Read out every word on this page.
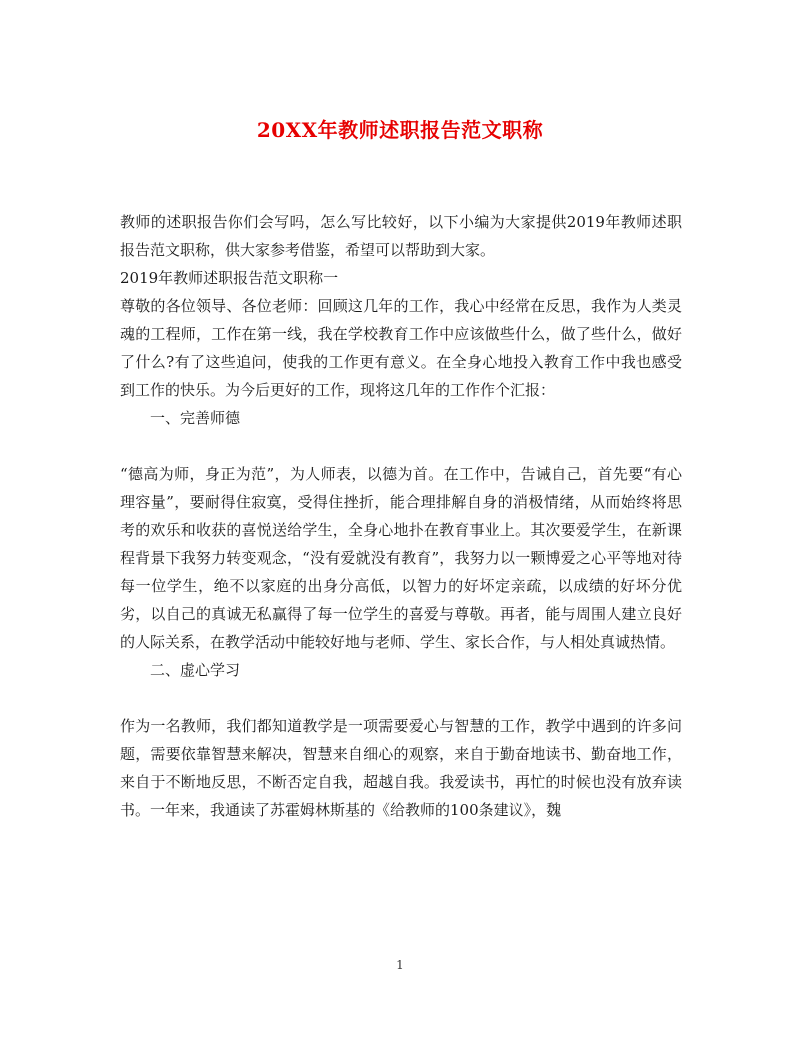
20XX年教师述职报告范文职称

教师的述职报告你们会写吗，怎么写比较好，以下小编为大家提供2019年教师述职报告范文职称，供大家参考借鉴，希望可以帮助到大家。

2019年教师述职报告范文职称一

尊敬的各位领导、各位老师：回顾这几年的工作，我心中经常在反思，我作为人类灵魂的工程师，工作在第一线，我在学校教育工作中应该做些什么，做了些什么，做好了什么?有了这些追问，使我的工作更有意义。在全身心地投入教育工作中我也感受到工作的快乐。为今后更好的工作，现将这几年的工作作个汇报：

一、完善师德

“德高为师，身正为范”，为人师表，以德为首。在工作中，告诫自己，首先要“有心理容量”，要耐得住寂寞，受得住挫折，能合理排解自身的消极情绪，从而始终将思考的欢乐和收获的喜悦送给学生，全身心地扑在教育事业上。其次要爱学生，在新课程背景下我努力转变观念，“没有爱就没有教育”，我努力以一颗博爱之心平等地对待每一位学生，绝不以家庭的出身分高低，以智力的好坏定亲疏，以成绩的好坏分优劣，以自己的真诚无私赢得了每一位学生的喜爱与尊敬。再者，能与周围人建立良好的人际关系，在教学活动中能较好地与老师、学生、家长合作，与人相处真诚热情。

二、虚心学习

作为一名教师，我们都知道教学是一项需要爱心与智慧的工作，教学中遇到的许多问题，需要依靠智慧来解决，智慧来自细心的观察，来自于勤奋地读书、勤奋地工作，来自于不断地反思，不断否定自我，超越自我。我爱读书，再忙的时候也没有放弃读书。一年来，我通读了苏霍姆林斯基的《给教师的100条建议》，魏

1
